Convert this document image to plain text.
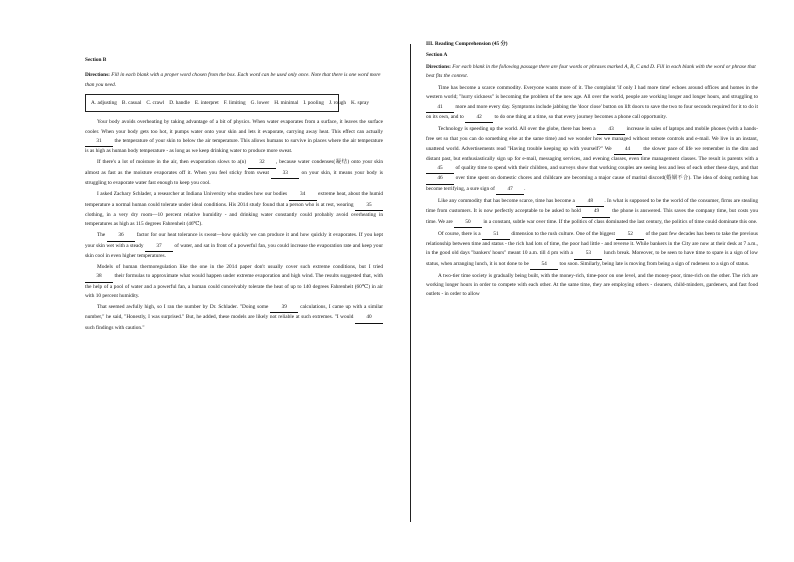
Section B
Directions: Fill in each blank with a proper word chosen from the box. Each word can be used only once. Note that there is one word more than you need.
A. adjusting B. casual C. crawl D. handle E. interpret F. limiting G. lower H. minimal I. pooling J. rough K. spray

Your body avoids overheating by taking advantage of a bit of physics. When water evaporates from a surface, it leaves the surface cooler. When your body gets too hot, it pumps water onto your skin and lets it evaporate, carrying away heat. This effect can actually 31 the temperature of your skin to below the air temperature. This allows humans to survive in places where the air temperature is as high as human body temperature - as long as we keep drinking water to produce more sweat.

If there's a lot of moisture in the air, then evaporation slows to a(n) 32 , because water condenses(凝结) onto your skin almost as fast as the moisture evaporates off it. When you feel sticky from sweat 33 on your skin, it means your body is struggling to evaporate water fast enough to keep you cool.

I asked Zachary Schlader, a researcher at Indiana University who studies how our bodies 34 extreme heat, about the humid temperature a normal human could tolerate under ideal conditions. His 2014 study found that a person who is at rest, wearing 35 clothing, in a very dry room—10 percent relative humidity - and drinking water constantly could probably avoid overheating in temperatures as high as 115 degrees Fahrenheit (46℃).

The 36 factor for our heat tolerance is sweat—how quickly we can produce it and how quickly it evaporates. If you kept your skin wet with a steady 37 of water, and sat in front of a powerful fan, you could increase the evaporation rate and keep your skin cool in even higher temperatures.

Models of human thermoregulation like the one in the 2014 paper don't usually cover such extreme conditions, but I tried 38 their formulas to approximate what would happen under extreme evaporation and high wind. The results suggested that, with the help of a pool of water and a powerful fan, a human could conceivably tolerate the heat of up to 140 degrees Fahrenheit (60℃) in air with 10 percent humidity.

That seemed awfully high, so I ran the number by Dr. Schlader. "Doing some 39 calculations, I came up with a similar number," he said, "Honestly, I was surprised." But, he added, these models are likely not reliable at such extremes. "I would 40 such findings with caution."

III. Reading Comprehension (45 分)
Section A
Directions: For each blank in the following passage there are four words or phrases marked A, B, C and D. Fill in each blank with the word or phrase that best fits the context.

Time has become a scarce commodity. Everyone wants more of it. The complaint 'if only I had more time' echoes around offices and homes in the western world; "hurry sickness" is becoming the problem of the new age. All over the world, people are working longer and longer hours, and struggling to 41 more and more every day. Symptoms include jabbing the 'door close' button on lift doors to save the two to four seconds required for it to do it on its own, and to 42 to do one thing at a time, so that every journey becomes a phone call opportunity.

Technology is speeding up the world. All over the globe, there has been a 43 increase in sales of laptops and mobile phones (with a hands-free set so that you can do something else at the same time) and we wonder how we managed without remote controls and e-mail. We live in an instant, unattend world. Advertisements read "Having trouble keeping up with yourself?" We 44 the slower pace of life we remember in the dim and distant past, but enthusiastically sign up for e-mail, messaging services, and evening classes, even time management classes. The result is parents with a 45 of quality time to spend with their children, and surveys show that working couples are seeing less and less of each other these days, and that 46 over time spent on domestic chores and childcare are becoming a major cause of marital discord(婚姻不合). The idea of doing nothing has become terrifying, a sure sign of 47 .

Like any commodity that has become scarce, time has become a 48 . In what is supposed to be the world of the consumer, firms are stealing time from customers. It is now perfectly acceptable to be asked to hold 49 the phone is answered. This saves the company time, but costs you time. We are 50 in a constant, subtle war over time. If the politics of class dominated the last century, the politics of time could dominate this one.

Of course, there is a 51 dimension to the rush culture. One of the biggest 52 of the past few decades has been to take the previous relationship between time and status - the rich had lots of time, the poor had little - and reverse it. While bankers in the City are now at their desk at 7 a.m., in the good old days "bankers' hours" meant 10 a.m. till 4 pm with a 53 lunch break. Moreover, to be seen to have time to spare is a sign of low status, when arranging lunch, it is not done to be 54 too soon. Similarly, being late is moving from being a sign of rudeness to a sign of status.

A two-tier time society is gradually being built, with the money-rich, time-poor on one level, and the money-poor, time-rich on the other. The rich are working longer hours in order to compete with each other. At the same time, they are employing others - cleaners, child-minders, gardeners, and fast food outlets - in order to allow
